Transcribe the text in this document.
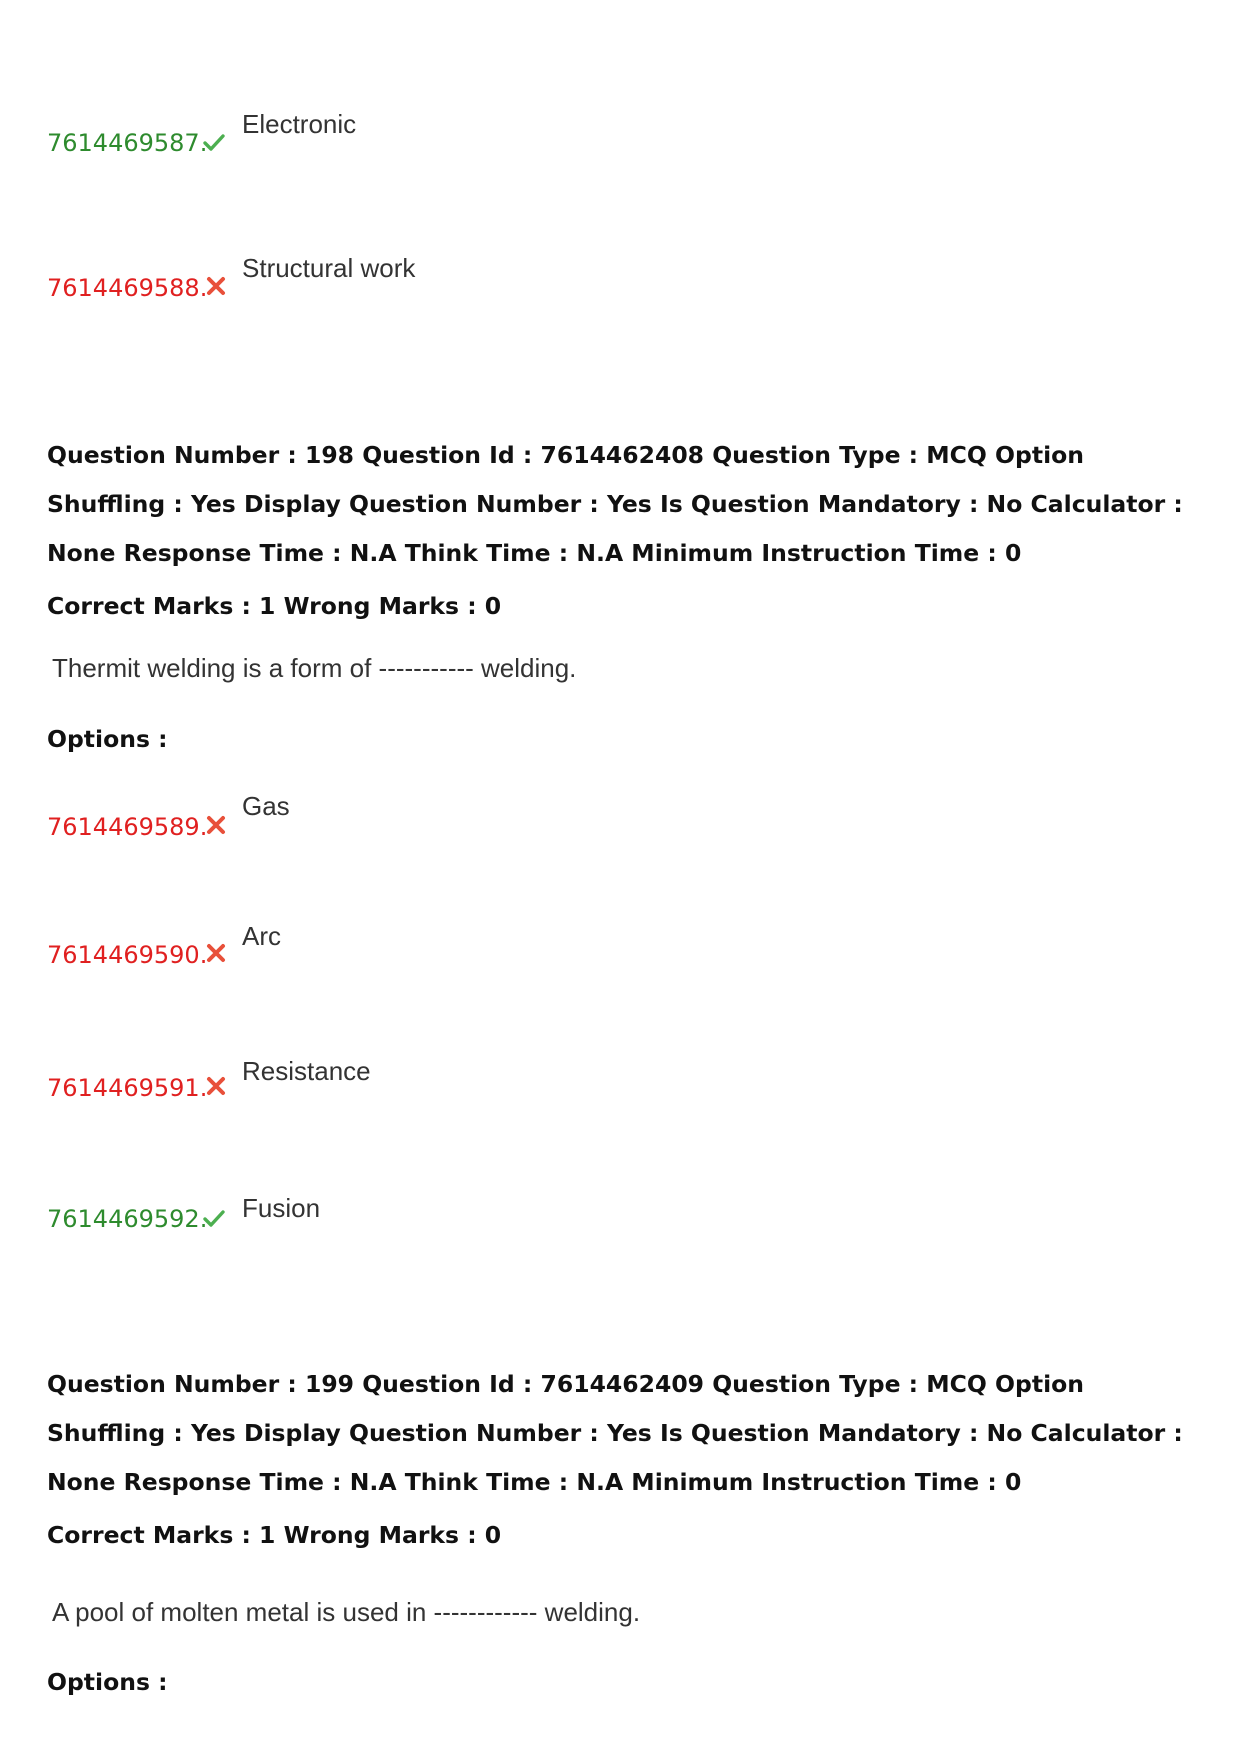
7614469587.
Electronic
7614469588.
Structural work
Question Number : 198 Question Id : 7614462408 Question Type : MCQ Option Shuffling : Yes Display Question Number : Yes Is Question Mandatory : No Calculator : None Response Time : N.A Think Time : N.A Minimum Instruction Time : 0
Correct Marks : 1 Wrong Marks : 0
Thermit welding is a form of ----------- welding.
Options :
7614469589.
Gas
7614469590.
Arc
7614469591.
Resistance
7614469592. Fusion
Question Number : 199 Question Id : 7614462409 Question Type : MCQ Option Shuffling : Yes Display Question Number : Yes Is Question Mandatory : No Calculator : None Response Time : N.A Think Time : N.A Minimum Instruction Time : 0
Correct Marks : 1 Wrong Marks : 0
A pool of molten metal is used in ------------ welding.
Options :
